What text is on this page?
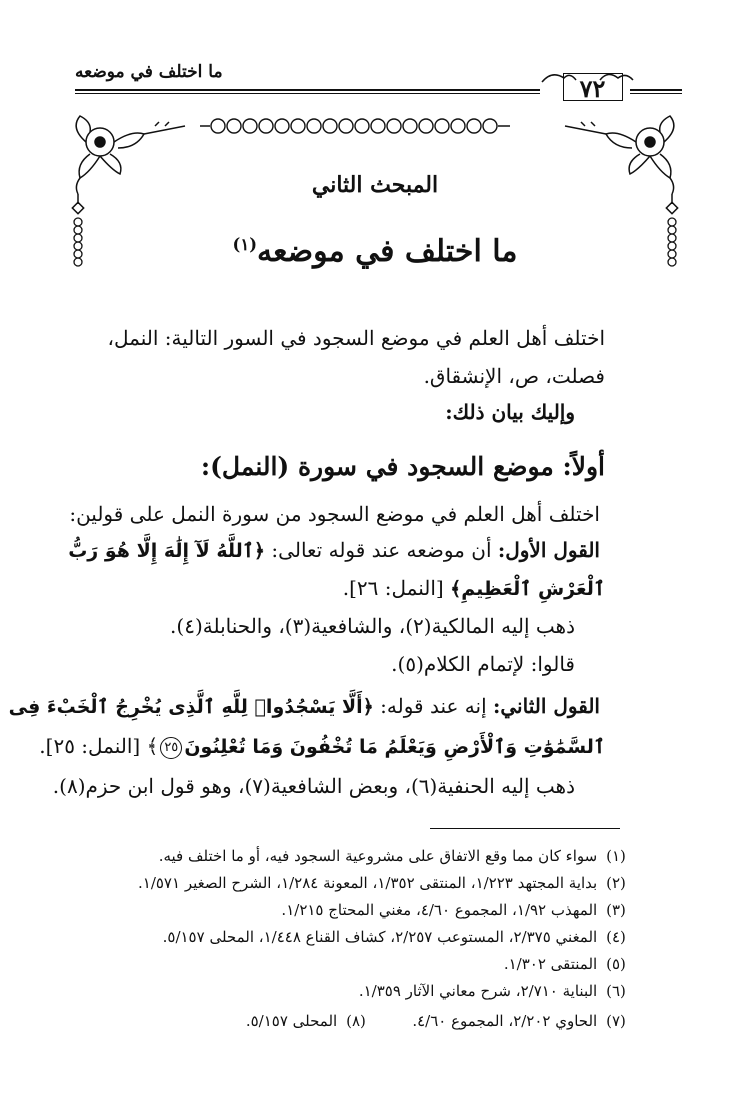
ما اختلف في موضعه
٧٢
المبحث الثاني
ما اختلف في موضعه$^{(١)}$
اختلف أهل العلم في موضع السجود في السور التالية: النمل،
فصلت، ص، الإنشقاق.
وإليك بيان ذلك:
أولاً: موضع السجود في سورة (النمل):
اختلف أهل العلم في موضع السجود من سورة النمل على قولين:
القول الأول: أن موضعه عند قوله تعالى: ﴿ٱللَّهُ لَآ إِلَٰهَ إِلَّا هُوَ رَبُّ
ٱلْعَرْشِ ٱلْعَظِيمِ﴾ [النمل: ٢٦].
ذهب إليه المالكية(٢)، والشافعية(٣)، والحنابلة(٤).
قالوا: لإتمام الكلام(٥).
القول الثاني: إنه عند قوله: ﴿أَلَّا يَسْجُدُوا۟ لِلَّهِ ٱلَّذِى يُخْرِجُ ٱلْخَبْءَ فِى
ٱلسَّمَٰوَٰتِ وَٱلْأَرْضِ وَيَعْلَمُ مَا تُخْفُونَ وَمَا تُعْلِنُونَ٢٥﴾ [النمل: ٢٥].
ذهب إليه الحنفية(٦)، وبعض الشافعية(٧)، وهو قول ابن حزم(٨).
(١) سواء كان مما وقع الاتفاق على مشروعية السجود فيه، أو ما اختلف فيه.
(٢) بداية المجتهد ١/٢٢٣، المنتقى ١/٣٥٢، المعونة ١/٢٨٤، الشرح الصغير ١/٥٧١.
(٣) المهذب ١/٩٢، المجموع ٤/٦٠، مغني المحتاج ١/٢١٥.
(٤) المغني ٢/٣٧٥، المستوعب ٢/٢٥٧، كشاف القناع ١/٤٤٨، المحلى ٥/١٥٧.
(٥) المنتقى ١/٣٠٢.
(٦) البناية ٢/٧١٠، شرح معاني الآثار ١/٣٥٩.
(٧) الحاوي ٢/٢٠٢، المجموع ٤/٦٠.
(٨) المحلى ٥/١٥٧.
